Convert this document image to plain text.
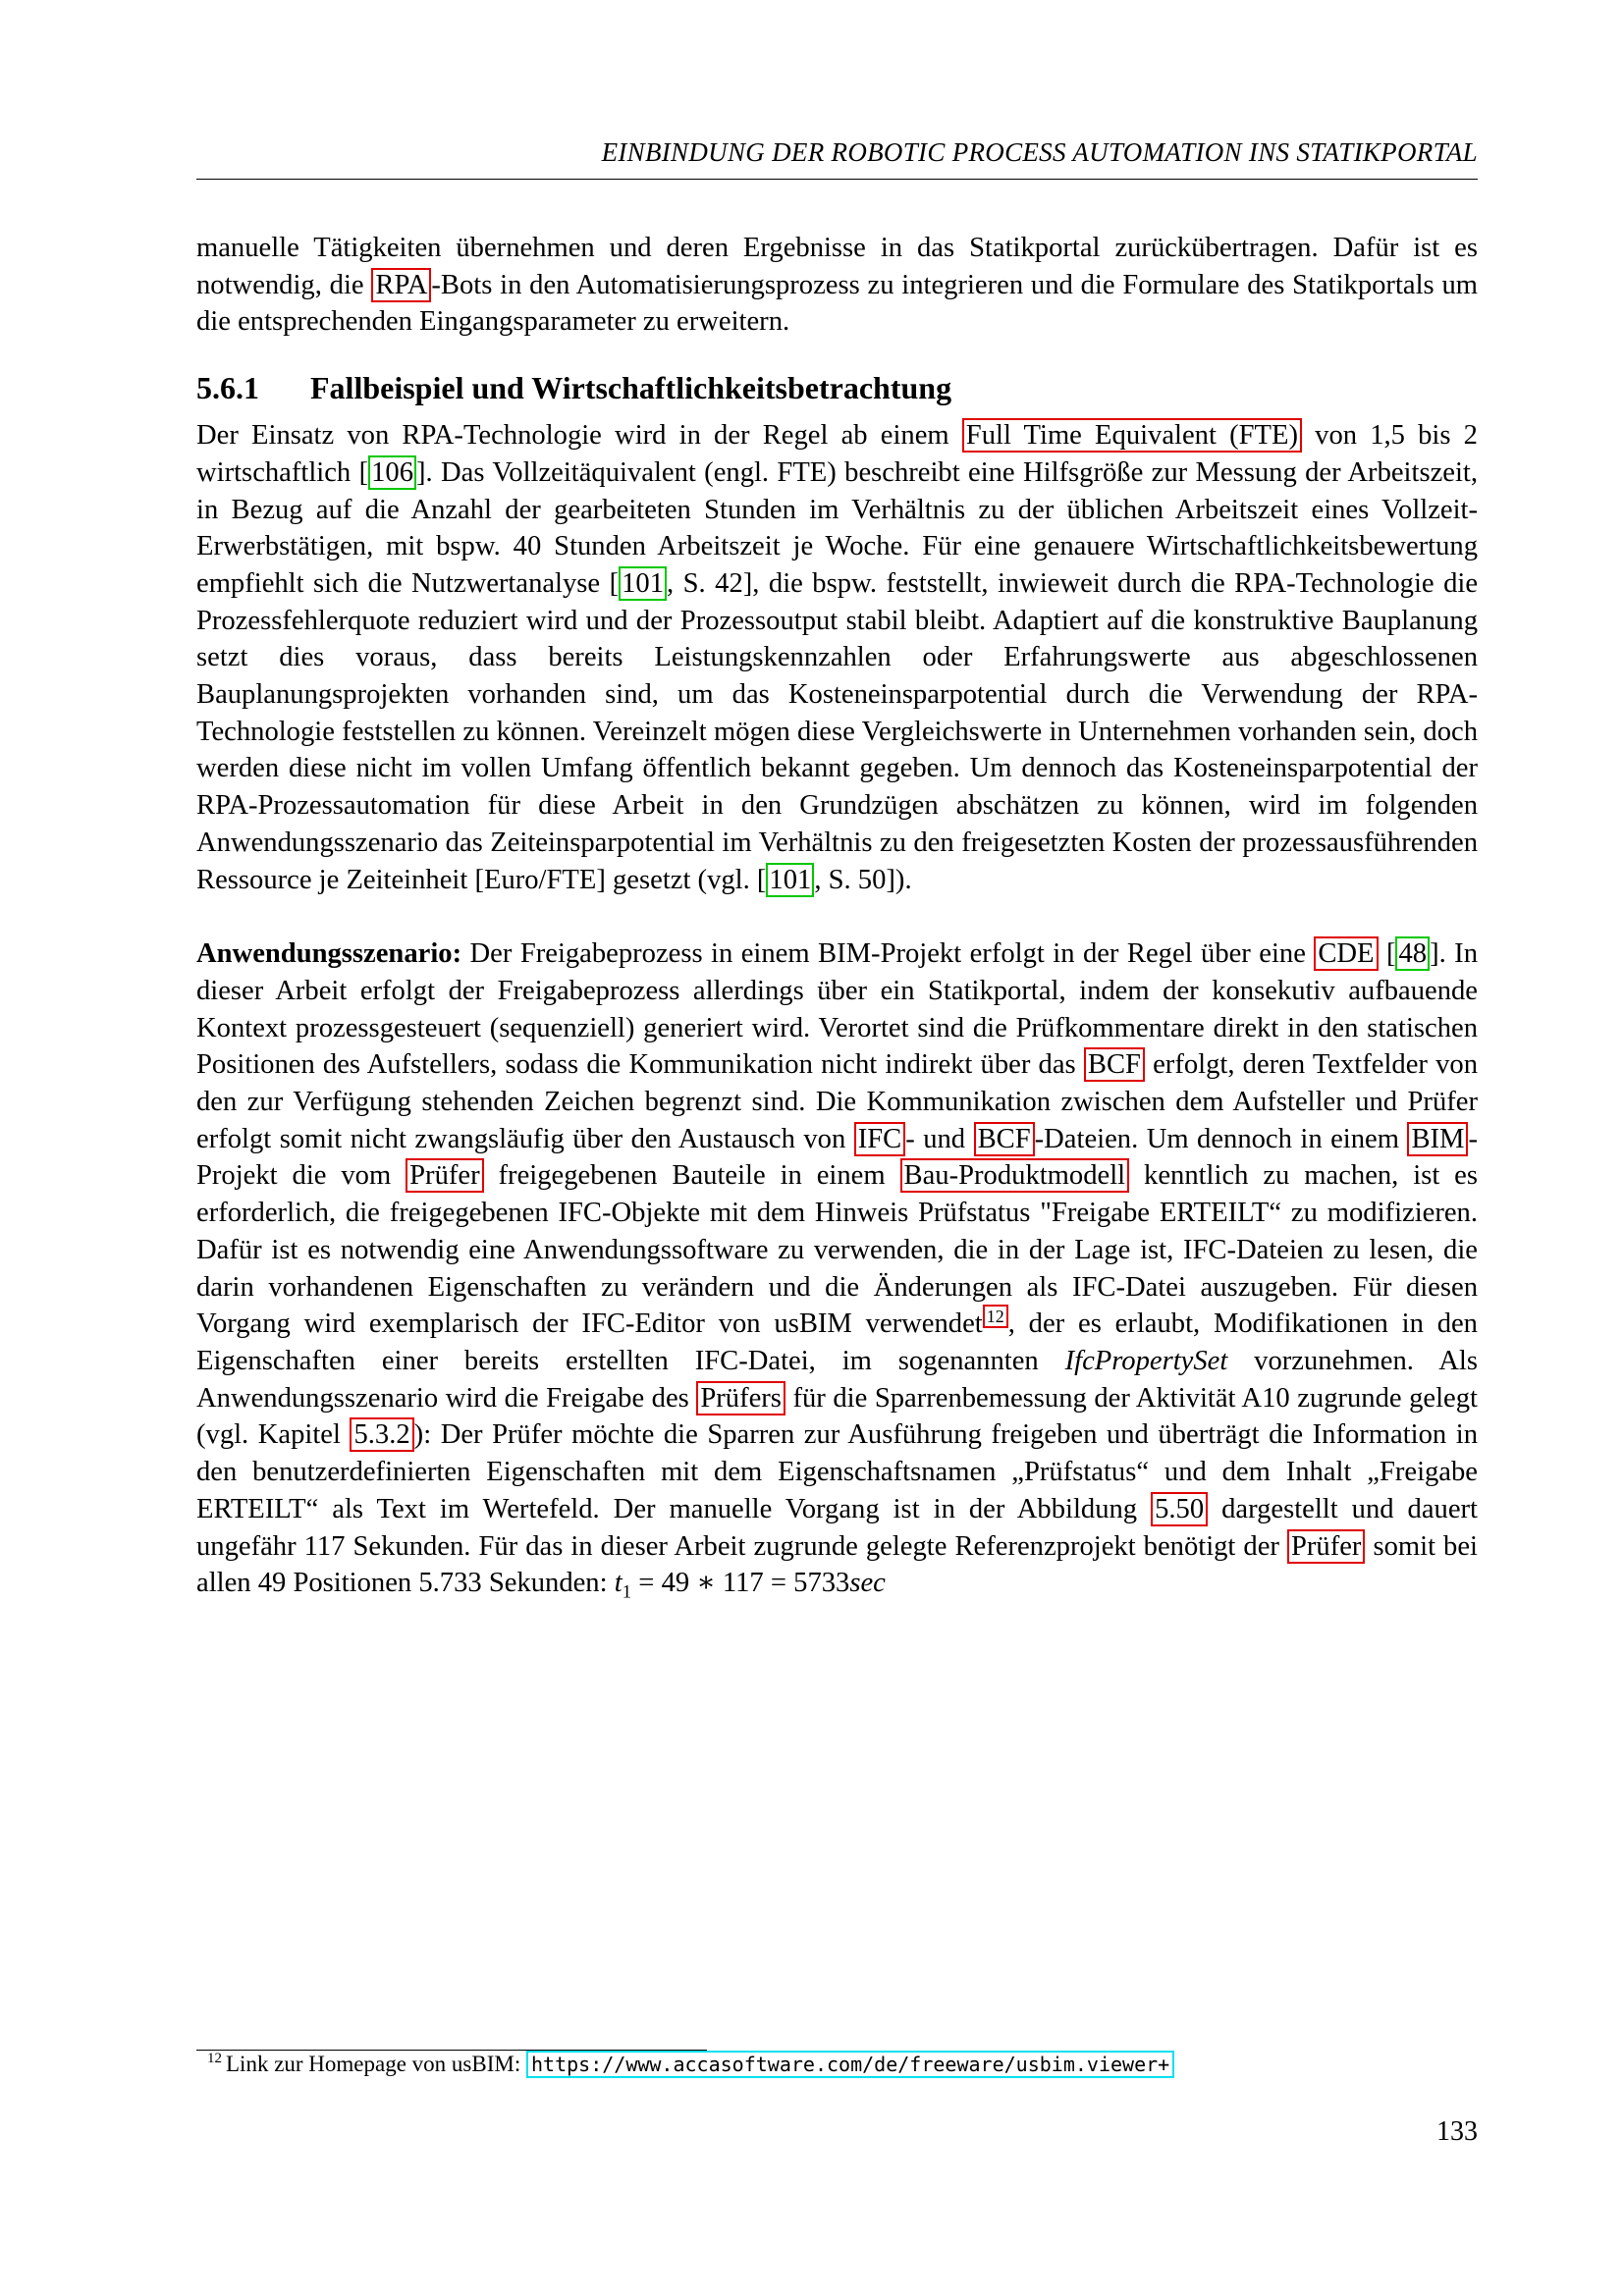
EINBINDUNG DER ROBOTIC PROCESS AUTOMATION INS STATIKPORTAL

manuelle Tätigkeiten übernehmen und deren Ergebnisse in das Statikportal zurückübertragen. Dafür ist es notwendig, die RPA -Bots in den Automatisierungsprozess zu integrieren und die Formulare des Statikportals um die entsprechenden Eingangsparameter zu erweitern.

5.6.1 Fallbeispiel und Wirtschaftlichkeitsbetrachtung

Der Einsatz von RPA-Technologie wird in der Regel ab einem Full Time Equivalent (FTE) von 1,5 bis 2 wirtschaftlich [ 106 ]. Das Vollzeitäquivalent (engl. FTE) beschreibt eine Hilfsgröße zur Messung der Arbeitszeit, in Bezug auf die Anzahl der gearbeiteten Stunden im Verhältnis zu der üblichen Arbeitszeit eines Vollzeit-Erwerbstätigen, mit bspw. 40 Stunden Arbeitszeit je Woche. Für eine genauere Wirtschaftlichkeitsbewertung empfiehlt sich die Nutzwertanalyse [ 101 , S. 42], die bspw. feststellt, inwieweit durch die RPA-Technologie die Prozessfehlerquote reduziert wird und der Prozessoutput stabil bleibt. Adaptiert auf die konstruktive Bauplanung setzt dies voraus, dass bereits Leistungskennzahlen oder Erfahrungswerte aus abgeschlossenen Bauplanungsprojekten vorhanden sind, um das Kosteneinsparpotential durch die Verwendung der RPA-Technologie feststellen zu können. Vereinzelt mögen diese Vergleichswerte in Unternehmen vorhanden sein, doch werden diese nicht im vollen Umfang öffentlich bekannt gegeben. Um dennoch das Kosteneinsparpotential der RPA-Prozessautomation für diese Arbeit in den Grundzügen abschätzen zu können, wird im folgenden Anwendungsszenario das Zeiteinsparpotential im Verhältnis zu den freigesetzten Kosten der prozessausführenden Ressource je Zeiteinheit [Euro/FTE] gesetzt (vgl. [ 101 , S. 50]).

Anwendungsszenario: Der Freigabeprozess in einem BIM-Projekt erfolgt in der Regel über eine CDE [ 48 ]. In dieser Arbeit erfolgt der Freigabeprozess allerdings über ein Statikportal, indem der konsekutiv aufbauende Kontext prozessgesteuert (sequenziell) generiert wird. Verortet sind die Prüfkommentare direkt in den statischen Positionen des Aufstellers, sodass die Kommunikation nicht indirekt über das BCF erfolgt, deren Textfelder von den zur Verfügung stehenden Zeichen begrenzt sind. Die Kommunikation zwischen dem Aufsteller und Prüfer erfolgt somit nicht zwangsläufig über den Austausch von IFC - und BCF -Dateien. Um dennoch in einem BIM -Projekt die vom Prüfer freigegebenen Bauteile in einem Bau-Produktmodell kenntlich zu machen, ist es erforderlich, die freigegebenen IFC-Objekte mit dem Hinweis Prüfstatus "Freigabe ERTEILT“ zu modifizieren. Dafür ist es notwendig eine Anwendungssoftware zu verwenden, die in der Lage ist, IFC-Dateien zu lesen, die darin vorhandenen Eigenschaften zu verändern und die Änderungen als IFC-Datei auszugeben. Für diesen Vorgang wird exemplarisch der IFC-Editor von usBIM verwendet $^{12}$ , der es erlaubt, Modifikationen in den Eigenschaften einer bereits erstellten IFC-Datei, im sogenannten IfcPropertySet vorzunehmen. Als Anwendungsszenario wird die Freigabe des Prüfers für die Sparrenbemessung der Aktivität A10 zugrunde gelegt (vgl. Kapitel 5.3.2 ): Der Prüfer möchte die Sparren zur Ausführung freigeben und überträgt die Information in den benutzerdefinierten Eigenschaften mit dem Eigenschaftsnamen „Prüfstatus“ und dem Inhalt „Freigabe ERTEILT“ als Text im Wertefeld. Der manuelle Vorgang ist in der Abbildung 5.50 dargestellt und dauert ungefähr 117 Sekunden. Für das in dieser Arbeit zugrunde gelegte Referenzprojekt benötigt der Prüfer somit bei allen 49 Positionen 5.733 Sekunden: $t_1 = 49$ ∗ 117 = 5733sec

12 Link zur Homepage von usBIM: https://www.accasoftware.com/de/freeware/usbim.viewer+
133
